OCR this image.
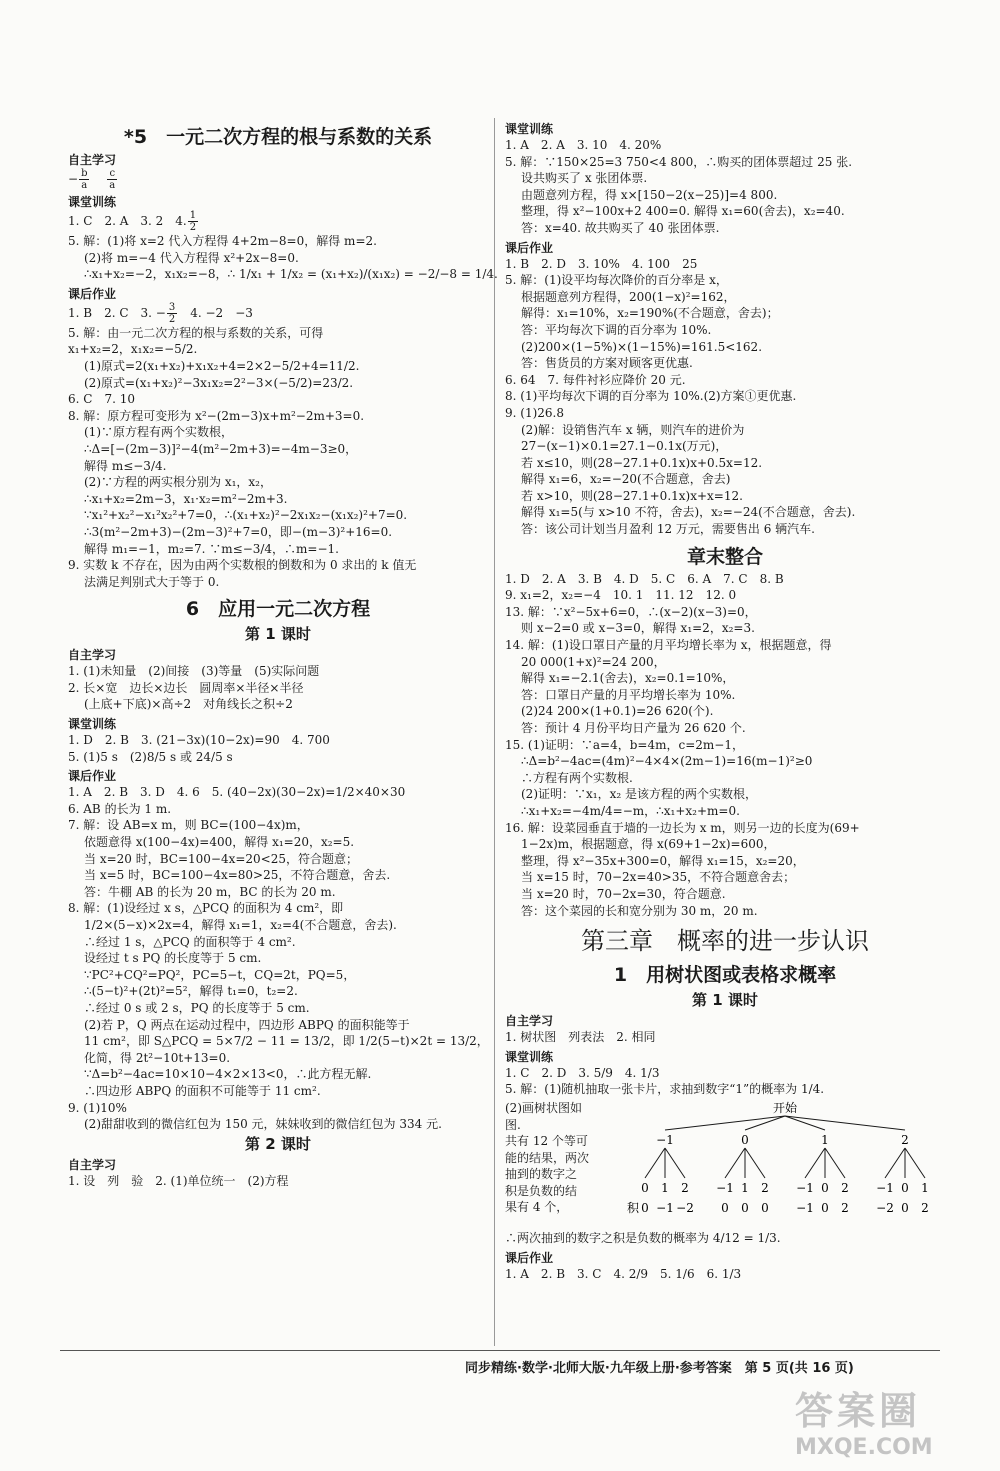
*5　一元二次方程的根与系数的关系
自主学习
− $\frac{b}{a}$
　 $\frac{c}{a}$
课堂训练
1. C　2. A　3. 2　4. $\frac{1}{2}$
5. 解：(1)将 x=2 代入方程得 4+2m−8=0，解得 m=2.
(2)将 m=−4 代入方程得 x²+2x−8=0.
∴x₁+x₂=−2，x₁x₂=−8，∴ 1/x₁ + 1/x₂ = (x₁+x₂)/(x₁x₂) = −2/−8 = 1/4.
课后作业
1. B　2. C　3. − $\frac{3}{2}$ 　4. −2　−3
5. 解：由一元二次方程的根与系数的关系，可得
x₁+x₂=2，x₁x₂=−5/2.
(1)原式=2(x₁+x₂)+x₁x₂+4=2×2−5/2+4=11/2.
(2)原式=(x₁+x₂)²−3x₁x₂=2²−3×(−5/2)=23/2.
6. C　7. 10
8. 解：原方程可变形为 x²−(2m−3)x+m²−2m+3=0.
(1)∵原方程有两个实数根，
∴Δ=[−(2m−3)]²−4(m²−2m+3)=−4m−3≥0，
解得 m≤−3/4.
(2)∵方程的两实根分别为 x₁，x₂，
∴x₁+x₂=2m−3，x₁·x₂=m²−2m+3.
∵x₁²+x₂²−x₁²x₂²+7=0，∴(x₁+x₂)²−2x₁x₂−(x₁x₂)²+7=0.
∴3(m²−2m+3)−(2m−3)²+7=0，即−(m−3)²+16=0.
解得 m₁=−1，m₂=7. ∵m≤−3/4，∴m=−1.
9. 实数 k 不存在，因为由两个实数根的倒数和为 0 求出的 k 值无
法满足判别式大于等于 0.
6　应用一元二次方程
第 1 课时
自主学习
1. (1)未知量　(2)间接　(3)等量　(5)实际问题
2. 长×宽　边长×边长　圆周率×半径×半径
(上底+下底)×高÷2　对角线长之积÷2
课堂训练
1. D　2. B　3. (21−3x)(10−2x)=90　4. 700
5. (1)5 s　(2)8/5 s 或 24/5 s
课后作业
1. A　2. B　3. D　4. 6　5. (40−2x)(30−2x)=1/2×40×30
6. AB 的长为 1 m.
7. 解：设 AB=x m，则 BC=(100−4x)m，
依题意得 x(100−4x)=400，解得 x₁=20，x₂=5.
当 x=20 时，BC=100−4x=20<25，符合题意；
当 x=5 时，BC=100−4x=80>25，不符合题意，舍去.
答：牛棚 AB 的长为 20 m，BC 的长为 20 m.
8. 解：(1)设经过 x s，△PCQ 的面积为 4 cm²，即
1/2×(5−x)×2x=4，解得 x₁=1，x₂=4(不合题意，舍去).
∴经过 1 s，△PCQ 的面积等于 4 cm².
设经过 t s PQ 的长度等于 5 cm.
∵PC²+CQ²=PQ²，PC=5−t，CQ=2t，PQ=5，
∴(5−t)²+(2t)²=5²，解得 t₁=0，t₂=2.
∴经过 0 s 或 2 s，PQ 的长度等于 5 cm.
(2)若 P，Q 两点在运动过程中，四边形 ABPQ 的面积能等于
11 cm²，即 S△PCQ = 5×7/2 − 11 = 13/2，即 1/2(5−t)×2t = 13/2，
化简，得 2t²−10t+13=0.
∵Δ=b²−4ac=10×10−4×2×13<0，∴此方程无解.
∴四边形 ABPQ 的面积不可能等于 11 cm².
9. (1)10%
(2)甜甜收到的微信红包为 150 元，妹妹收到的微信红包为 334 元.
第 2 课时
自主学习
1. 设　列　验　2. (1)单位统一　(2)方程
课堂训练
1. A　2. A　3. 10　4. 20%
5. 解：∵150×25=3 750<4 800，∴购买的团体票超过 25 张.
设共购买了 x 张团体票.
由题意列方程，得 x×[150−2(x−25)]=4 800.
整理，得 x²−100x+2 400=0. 解得 x₁=60(舍去)，x₂=40.
答：x=40. 故共购买了 40 张团体票.
课后作业
1. B　2. D　3. 10%　4. 100　25
5. 解：(1)设平均每次降价的百分率是 x，
根据题意列方程得，200(1−x)²=162，
解得：x₁=10%，x₂=190%(不合题意，舍去)；
答：平均每次下调的百分率为 10%.
(2)200×(1−5%)×(1−15%)=161.5<162.
答：售货员的方案对顾客更优惠.
6. 64　7. 每件衬衫应降价 20 元.
8. (1)平均每次下调的百分率为 10%.(2)方案①更优惠.
9. (1)26.8
(2)解：设销售汽车 x 辆，则汽车的进价为
27−(x−1)×0.1=27.1−0.1x(万元)，
若 x≤10，则(28−27.1+0.1x)x+0.5x=12.
解得 x₁=6，x₂=−20(不合题意，舍去)
若 x>10，则(28−27.1+0.1x)x+x=12.
解得 x₁=5(与 x>10 不符，舍去)，x₂=−24(不合题意，舍去).
答：该公司计划当月盈利 12 万元，需要售出 6 辆汽车.
章末整合
1. D　2. A　3. B　4. D　5. C　6. A　7. C　8. B
9. x₁=2，x₂=−4　10. 1　11. 12　12. 0
13. 解：∵x²−5x+6=0，∴(x−2)(x−3)=0，
则 x−2=0 或 x−3=0，解得 x₁=2，x₂=3.
14. 解：(1)设口罩日产量的月平均增长率为 x，根据题意，得
20 000(1+x)²=24 200，
解得 x₁=−2.1(舍去)，x₂=0.1=10%，
答：口罩日产量的月平均增长率为 10%.
(2)24 200×(1+0.1)=26 620(个).
答：预计 4 月份平均日产量为 26 620 个.
15. (1)证明：∵a=4，b=4m，c=2m−1，
∴Δ=b²−4ac=(4m)²−4×4×(2m−1)=16(m−1)²≥0
∴方程有两个实数根.
(2)证明：∵x₁，x₂ 是该方程的两个实数根，
∴x₁+x₂=−4m/4=−m，∴x₁+x₂+m=0.
16. 解：设菜园垂直于墙的一边长为 x m，则另一边的长度为(69+
1−2x)m，根据题意，得 x(69+1−2x)=600，
整理，得 x²−35x+300=0，解得 x₁=15，x₂=20，
当 x=15 时，70−2x=40>35，不符合题意舍去；
当 x=20 时，70−2x=30，符合题意.
答：这个菜园的长和宽分别为 30 m，20 m.
第三章　概率的进一步认识
1　用树状图或表格求概率
第 1 课时
自主学习
1. 树状图　列表法　2. 相同
课堂训练
1. C　2. D　3. 5/9　4. 1/3
5. 解：(1)随机抽取一张卡片，求抽到数字“1”的概率为 1/4.
(2)画树状图如
图.
共有 12 个等可
能的结果，两次
抽到的数字之
积是负数的结
果有 4 个，
开始
−1	0	1	2
0
0
1
−1
2
−2
−1
0
1
0
2
0
−1
−1
0
0
2
2
−1
−2
0
0
1
2
积
∴两次抽到的数字之积是负数的概率为 4/12 = 1/3.
课后作业
1. A　2. B　3. C　4. 2/9　5. 1/6　6. 1/3
同步精练·数学·北师大版·九年级上册·参考答案　第 5 页(共 16 页)
答案圈
MXQE.COM
